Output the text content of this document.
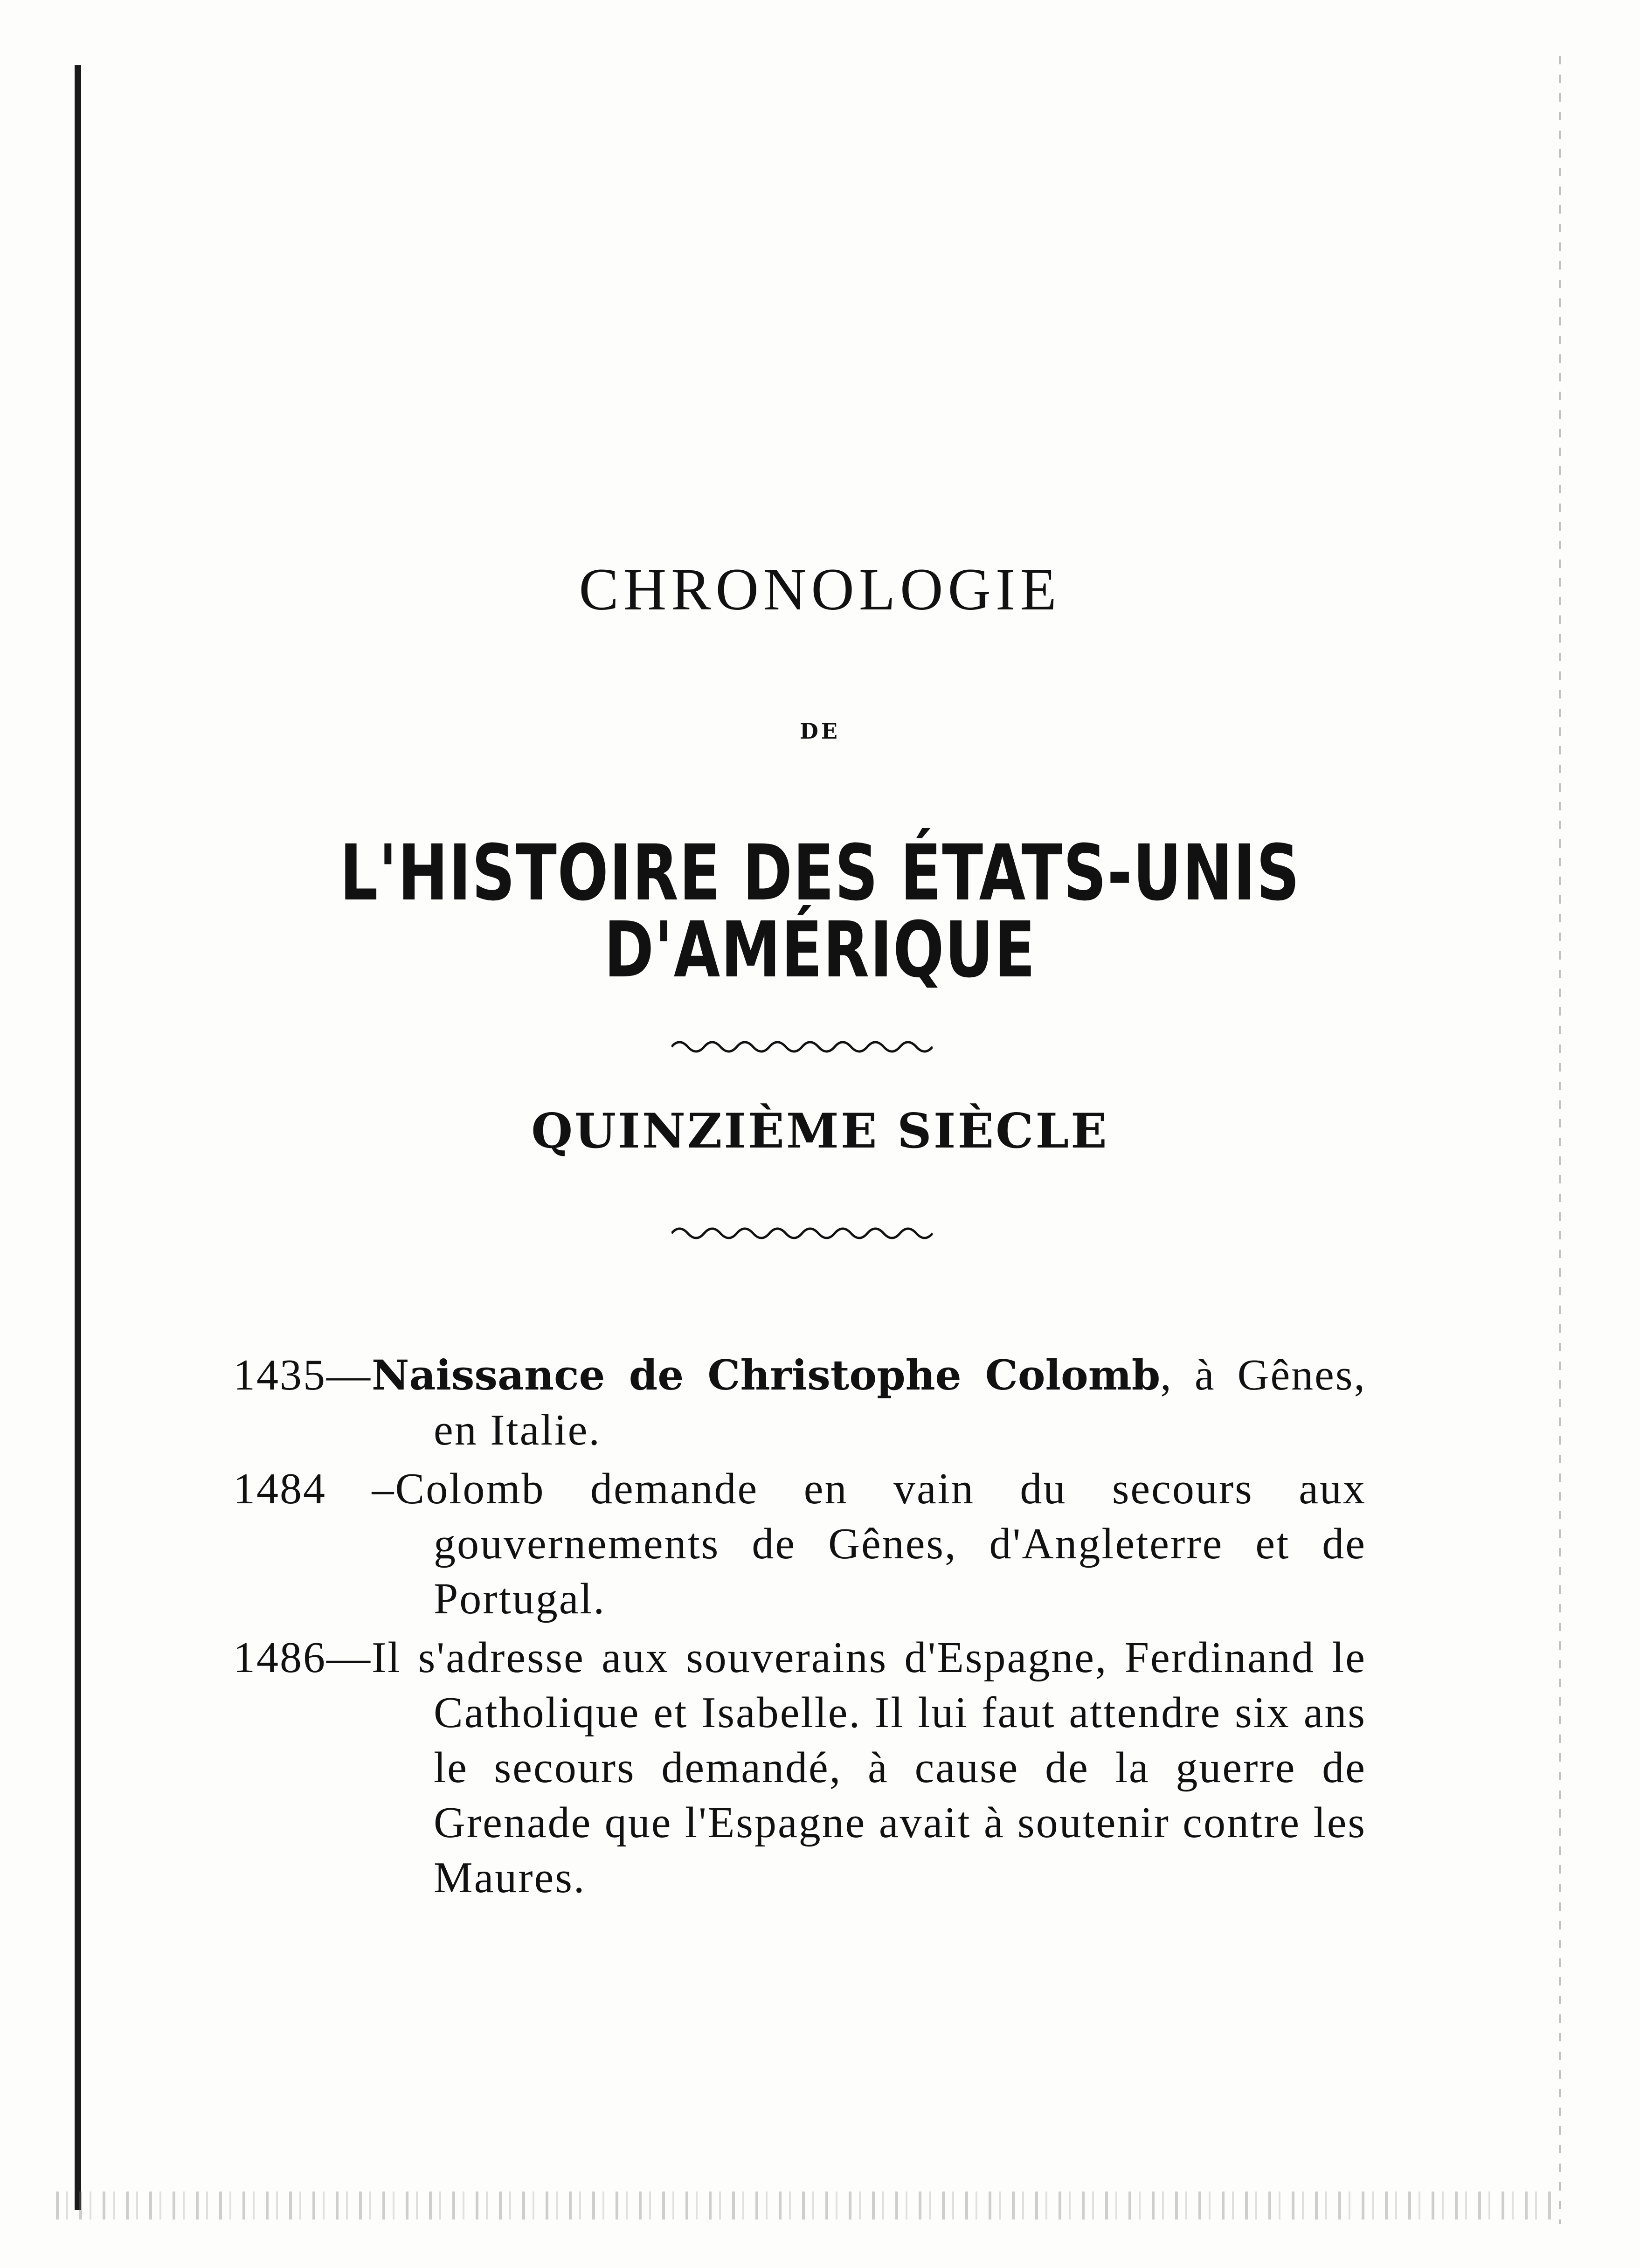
CHRONOLOGIE
DE
L'HISTOIRE DES ÉTATS-UNIS D'AMÉRIQUE
QUINZIÈME SIÈCLE

1435—Naissance de Christophe Colomb, à Gênes, en Italie.

1484 –Colomb demande en vain du secours aux gouvernements de Gênes, d'Angleterre et de Portugal.

1486—Il s'adresse aux souverains d'Espagne, Ferdinand le Catholique et Isabelle. Il lui faut attendre six ans le secours demandé, à cause de la guerre de Grenade que l'Espagne avait à soutenir contre les Maures.
